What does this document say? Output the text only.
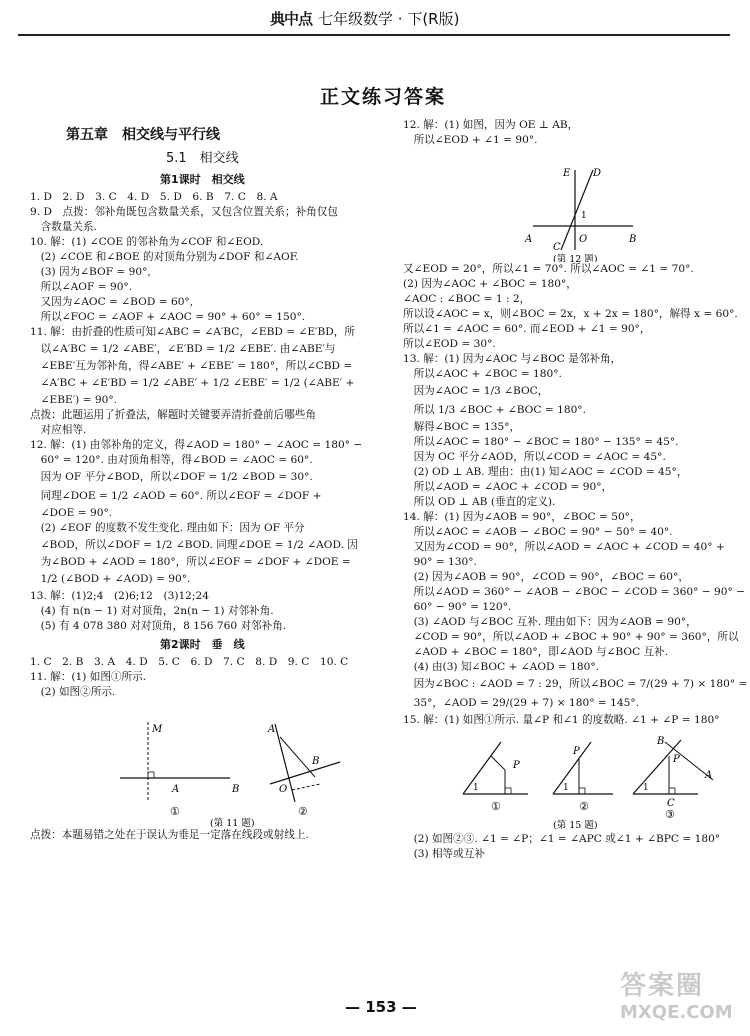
典中点 七年级数学 · 下(R版)
正文练习答案

第五章　相交线与平行线

5.1　相交线

第1课时　相交线

1. D　2. D　3. C　4. D　5. D　6. B　7. C　8. A

9. D　点拨：邻补角既包含数量关系，又包含位置关系；补角仅包

　含数量关系.

10. 解：(1) ∠COE 的邻补角为∠COF 和∠EOD.

　(2) ∠COE 和∠BOE 的对顶角分别为∠DOF 和∠AOF.

　(3) 因为∠BOF = 90°,

　所以∠AOF = 90°.

　又因为∠AOC = ∠BOD = 60°,

　所以∠FOC = ∠AOF + ∠AOC = 90° + 60° = 150°.

11. 解：由折叠的性质可知∠ABC = ∠A′BC，∠EBD = ∠E′BD，所

　以∠A′BC = 1/2 ∠ABE′，∠E′BD = 1/2 ∠EBE′. 由∠ABE′与

　∠EBE′互为邻补角，得∠ABE′ + ∠EBE′ = 180°，所以∠CBD =

　∠A′BC + ∠E′BD = 1/2 ∠ABE′ + 1/2 ∠EBE′ = 1/2 (∠ABE′ +

　∠EBE′) = 90°.

点拨：此题运用了折叠法，解题时关键要弄清折叠前后哪些角

　对应相等.

12. 解：(1) 由邻补角的定义，得∠AOD = 180° − ∠AOC = 180° −

　60° = 120°. 由对顶角相等，得∠BOD = ∠AOC = 60°.

　因为 OF 平分∠BOD，所以∠DOF = 1/2 ∠BOD = 30°.

　同理∠DOE = 1/2 ∠AOD = 60°. 所以∠EOF = ∠DOF +

　∠DOE = 90°.

　(2) ∠EOF 的度数不发生变化. 理由如下：因为 OF 平分

　∠BOD，所以∠DOF = 1/2 ∠BOD. 同理∠DOE = 1/2 ∠AOD. 因

　为∠BOD + ∠AOD = 180°，所以∠EOF = ∠DOF + ∠DOE =

　1/2 (∠BOD + ∠AOD) = 90°.

13. 解：(1)2;4　(2)6;12　(3)12;24

　(4) 有 n(n − 1) 对对顶角，2n(n − 1) 对邻补角.

　(5) 有 4 078 380 对对顶角，8 156 760 对邻补角.

第2课时　垂　线

1. C　2. B　3. A　4. D　5. C　6. D　7. C　8. D　9. C　10. C

11. 解：(1) 如图①所示.

　(2) 如图②所示.

M
A	B
A
O
B
①	②
(第 11 题)

点拨：本题易错之处在于误认为垂足一定落在线段或射线上.

12. 解：(1) 如图，因为 OE ⊥ AB，

　所以∠EOD + ∠1 = 90°.

E D
1
A	O	B
C
(第 12 题)

又∠EOD = 20°，所以∠1 = 70°. 所以∠AOC = ∠1 = 70°.

(2) 因为∠AOC + ∠BOC = 180°，

∠AOC : ∠BOC = 1 : 2，

所以设∠AOC = x，则∠BOC = 2x，x + 2x = 180°，解得 x = 60°.

所以∠1 = ∠AOC = 60°. 而∠EOD + ∠1 = 90°，

所以∠EOD = 30°.

13. 解：(1) 因为∠AOC 与∠BOC 是邻补角，

　所以∠AOC + ∠BOC = 180°.

　因为∠AOC = 1/3 ∠BOC，

　所以 1/3 ∠BOC + ∠BOC = 180°.

　解得∠BOC = 135°，

　所以∠AOC = 180° − ∠BOC = 180° − 135° = 45°.

　因为 OC 平分∠AOD，所以∠COD = ∠AOC = 45°.

　(2) OD ⊥ AB. 理由：由(1) 知∠AOC = ∠COD = 45°，

　所以∠AOD = ∠AOC + ∠COD = 90°，

　所以 OD ⊥ AB (垂直的定义).

14. 解：(1) 因为∠AOB = 90°，∠BOC = 50°，

　所以∠AOC = ∠AOB − ∠BOC = 90° − 50° = 40°.

　又因为∠COD = 90°，所以∠AOD = ∠AOC + ∠COD = 40° +

　90° = 130°.

　(2) 因为∠AOB = 90°，∠COD = 90°，∠BOC = 60°，

　所以∠AOD = 360° − ∠AOB − ∠BOC − ∠COD = 360° − 90° −

　60° − 90° = 120°.

　(3) ∠AOD 与∠BOC 互补. 理由如下：因为∠AOB = 90°，

　∠COD = 90°，所以∠AOD + ∠BOC + 90° + 90° = 360°，所以

　∠AOD + ∠BOC = 180°，即∠AOD 与∠BOC 互补.

　(4) 由(3) 知∠BOC + ∠AOD = 180°.

　因为∠BOC : ∠AOD = 7 : 29，所以∠BOC = 7/(29 + 7) × 180° =

　35°，∠AOD = 29/(29 + 7) × 180° = 145°.

15. 解：(1) 如图①所示. 量∠P 和∠1 的度数略. ∠1 + ∠P = 180°

P
1
P
1
B
P
A
1
C
①	②
③
(第 15 题)

　(2) 如图②③. ∠1 = ∠P；∠1 = ∠APC 或∠1 + ∠BPC = 180°

　(3) 相等或互补

— 153 —
答案圈
MXQE.COM
